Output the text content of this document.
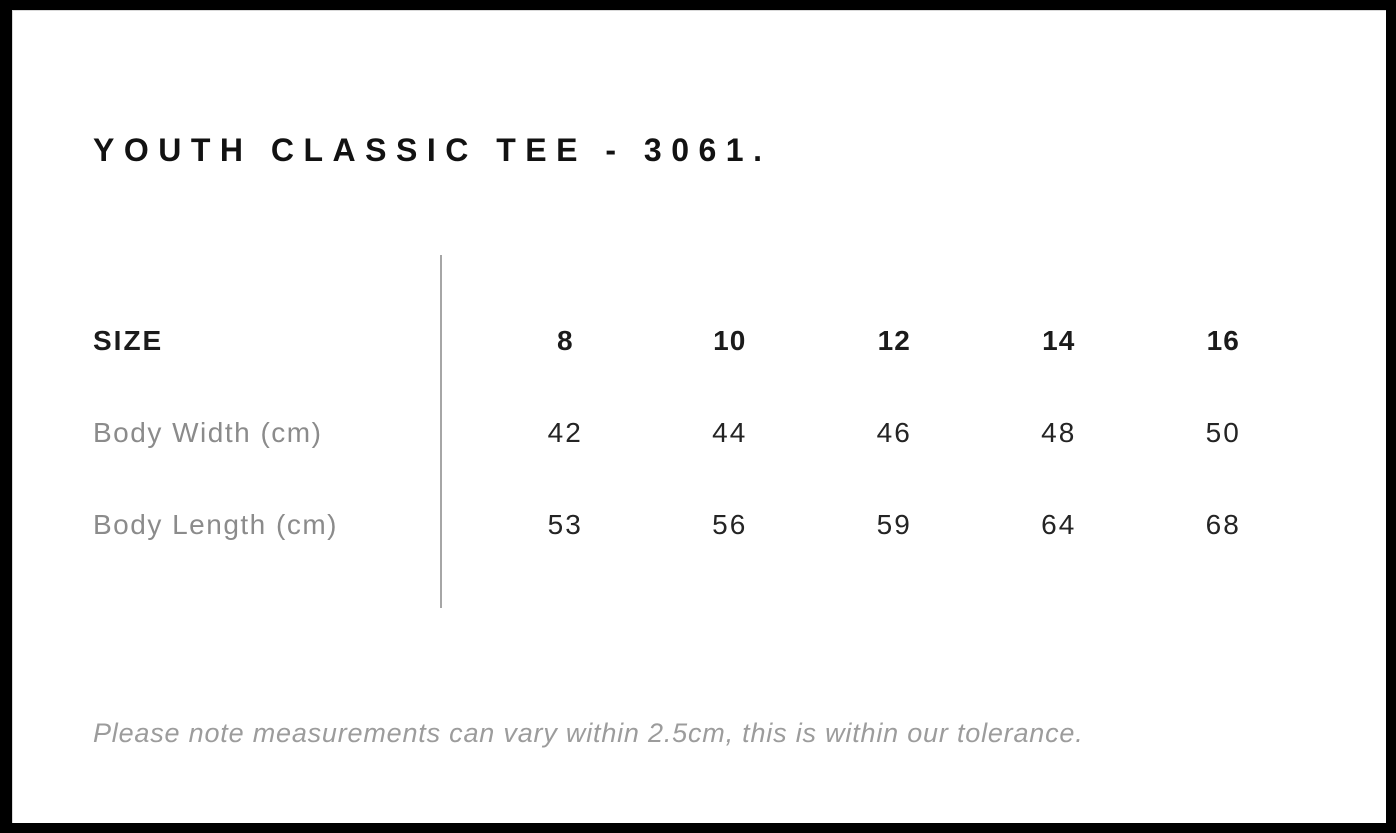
YOUTH CLASSIC TEE - 3061.
SIZE	8	10	12	14	16
Body Width (cm)	42	44	46	48	50
Body Length (cm)	53	56	59	64	68
Please note measurements can vary within 2.5cm, this is within our tolerance.
